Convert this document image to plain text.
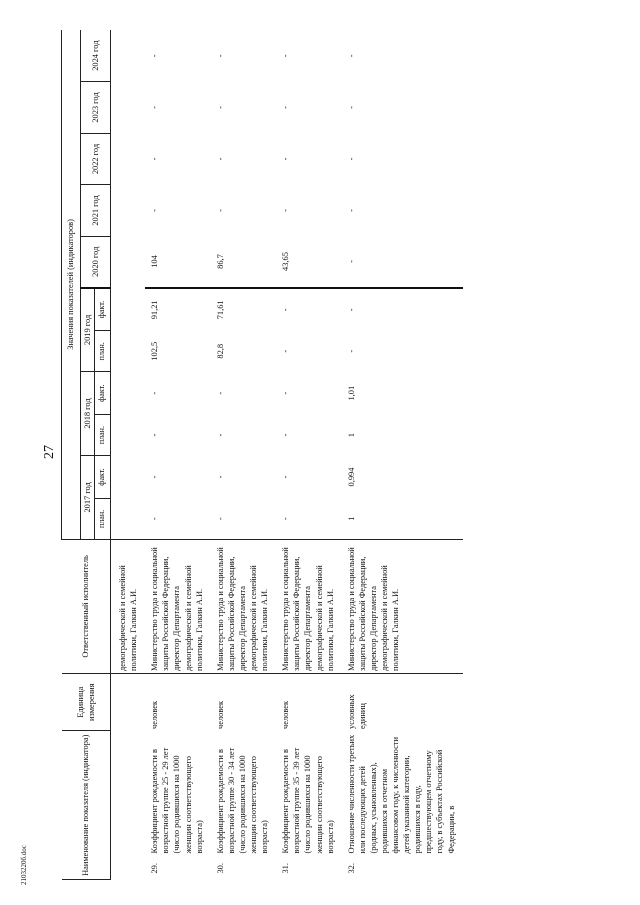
27
2103220б.doc	Наименование показателя (индикатора)		Единица измерения	Ответственный исполнитель	Значения показателей (индикаторов)										
				2017 год		2018 год		2019 год		2020 год	2021 год	2022 год	2023 год	2024 год
				план.	факт.	план.	факт.	план.	факт.					
			демографической и семейной политики, Галкин А.И.											
29.	Коэффициент рождаемости в возрастной группе 25 - 29 лет (число родившихся на 1000 женщин соответствующего возраста)	человек	Министерство труда и социальной защиты Российской Федерации, директор Департамента демографической и семейной политики, Галкин А.И.	-	-	-	-	102,5	91,21	104	-	-	-	-
30.	Коэффициент рождаемости в возрастной группе 30 - 34 лет (число родившихся на 1000 женщин соответствующего возраста)	человек	Министерство труда и социальной защиты Российской Федерации, директор Департамента демографической и семейной политики, Галкин А.И.	-	-	-	-	82,8	71,61	86,7	-	-	-	-
31.	Коэффициент рождаемости в возрастной группе 35 - 39 лет (число родившихся на 1000 женщин соответствующего возраста)	человек	Министерство труда и социальной защиты Российской Федерации, директор Департамента демографической и семейной политики, Галкин А.И.	-	-	-	-	-	-	43,65	-	-	-	-
32.	Отношение численности третьих или последующих детей (родных, усыновленных), родившихся в отчетном финансовом году, к численности детей указанной категории, родившихся в году, предшествующем отчетному году, в субъектах Российской Федерации, в	условных единиц	Министерство труда и социальной защиты Российской Федерации, директор Департамента демографической и семейной политики, Галкин А.И.	1	0,994	1	1,01	-	-	-	-	-	-	-
